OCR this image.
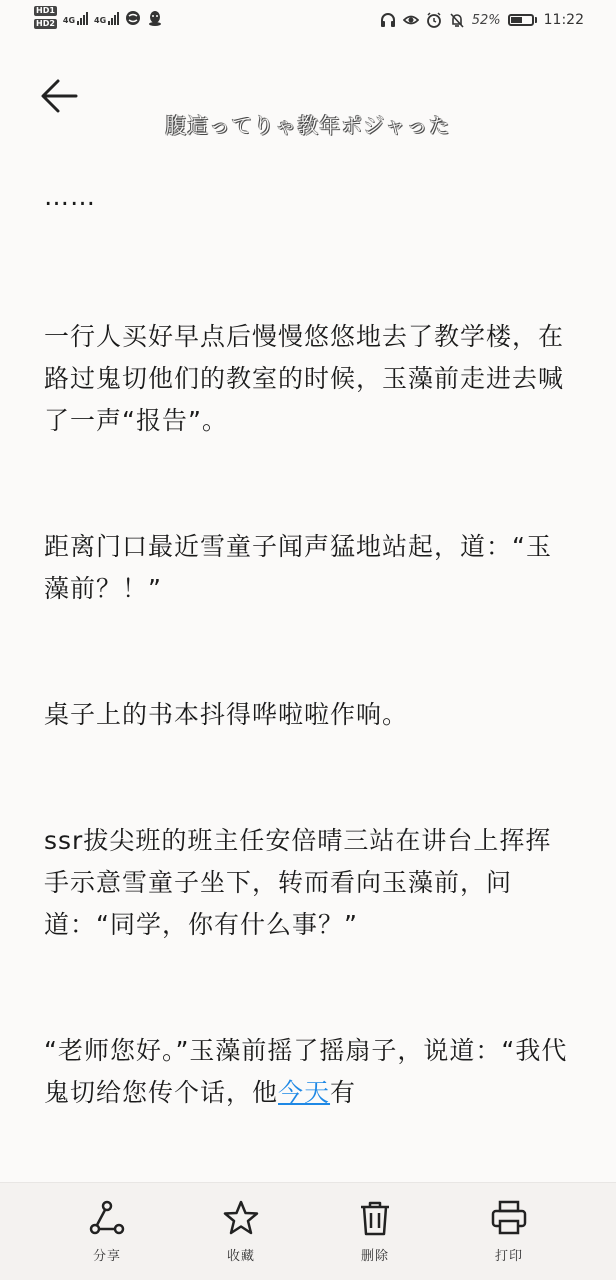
HD1
HD2 4G 4G	52%	11:22
腹這ってりゃ教年ポジャった

……

一行人买好早点后慢慢悠悠地去了教学楼，在路过鬼切他们的教室的时候，玉藻前走进去喊了一声“报告”。

距离门口最近雪童子闻声猛地站起，道：“玉藻前？！”

桌子上的书本抖得哗啦啦作响。

ssr拔尖班的班主任安倍晴三站在讲台上挥挥手示意雪童子坐下，转而看向玉藻前，问道：“同学，你有什么事？”

“老师您好。”玉藻前摇了摇扇子，说道：“我代鬼切给您传个话，他今天有

分享	收藏	删除	打印
